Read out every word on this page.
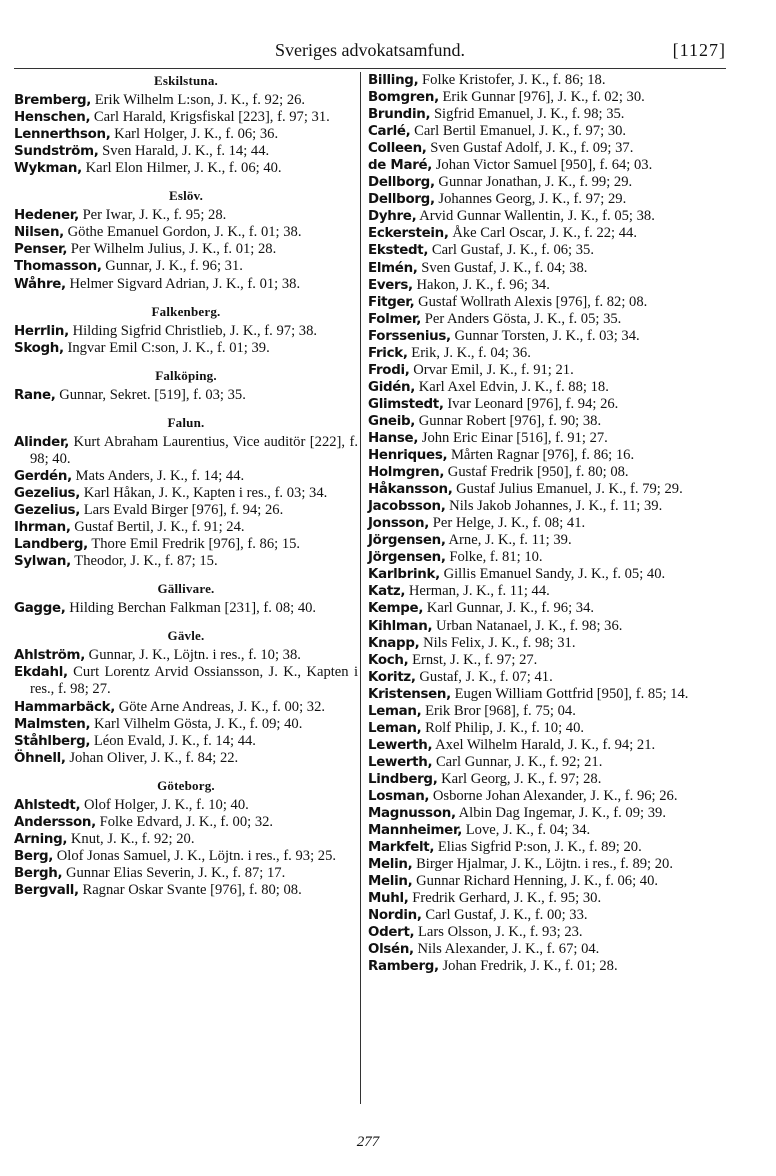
Sveriges advokatsamfund.	[1127]
Eskilstuna.
Bremberg, Erik Wilhelm L:son, J. K., f. 92; 26.
Henschen, Carl Harald, Krigsfiskal [223], f. 97; 31.
Lennerthson, Karl Holger, J. K., f. 06; 36.
Sundström, Sven Harald, J. K., f. 14; 44.
Wykman, Karl Elon Hilmer, J. K., f. 06; 40.
Eslöv.
Hedener, Per Iwar, J. K., f. 95; 28.
Nilsen, Göthe Emanuel Gordon, J. K., f. 01; 38.
Penser, Per Wilhelm Julius, J. K., f. 01; 28.
Thomasson, Gunnar, J. K., f. 96; 31.
Wåhre, Helmer Sigvard Adrian, J. K., f. 01; 38.
Falkenberg.
Herrlin, Hilding Sigfrid Christlieb, J. K., f. 97; 38.
Skogh, Ingvar Emil C:son, J. K., f. 01; 39.
Falköping.
Rane, Gunnar, Sekret. [519], f. 03; 35.
Falun.
Alinder, Kurt Abraham Laurentius, Vice auditör [222], f. 98; 40.
Gerdén, Mats Anders, J. K., f. 14; 44.
Gezelius, Karl Håkan, J. K., Kapten i res., f. 03; 34.
Gezelius, Lars Evald Birger [976], f. 94; 26.
Ihrman, Gustaf Bertil, J. K., f. 91; 24.
Landberg, Thore Emil Fredrik [976], f. 86; 15.
Sylwan, Theodor, J. K., f. 87; 15.
Gällivare.
Gagge, Hilding Berchan Falkman [231], f. 08; 40.
Gävle.
Ahlström, Gunnar, J. K., Löjtn. i res., f. 10; 38.
Ekdahl, Curt Lorentz Arvid Ossiansson, J. K., Kapten i res., f. 98; 27.
Hammarbäck, Göte Arne Andreas, J. K., f. 00; 32.
Malmsten, Karl Vilhelm Gösta, J. K., f. 09; 40.
Ståhlberg, Léon Evald, J. K., f. 14; 44.
Öhnell, Johan Oliver, J. K., f. 84; 22.
Göteborg.
Ahlstedt, Olof Holger, J. K., f. 10; 40.
Andersson, Folke Edvard, J. K., f. 00; 32.
Arning, Knut, J. K., f. 92; 20.
Berg, Olof Jonas Samuel, J. K., Löjtn. i res., f. 93; 25.
Bergh, Gunnar Elias Severin, J. K., f. 87; 17.
Bergvall, Ragnar Oskar Svante [976], f. 80; 08.
Billing, Folke Kristofer, J. K., f. 86; 18.
Bomgren, Erik Gunnar [976], J. K., f. 02; 30.
Brundin, Sigfrid Emanuel, J. K., f. 98; 35.
Carlé, Carl Bertil Emanuel, J. K., f. 97; 30.
Colleen, Sven Gustaf Adolf, J. K., f. 09; 37.
de Maré, Johan Victor Samuel [950], f. 64; 03.
Dellborg, Gunnar Jonathan, J. K., f. 99; 29.
Dellborg, Johannes Georg, J. K., f. 97; 29.
Dyhre, Arvid Gunnar Wallentin, J. K., f. 05; 38.
Eckerstein, Åke Carl Oscar, J. K., f. 22; 44.
Ekstedt, Carl Gustaf, J. K., f. 06; 35.
Elmén, Sven Gustaf, J. K., f. 04; 38.
Evers, Hakon, J. K., f. 96; 34.
Fitger, Gustaf Wollrath Alexis [976], f. 82; 08.
Folmer, Per Anders Gösta, J. K., f. 05; 35.
Forssenius, Gunnar Torsten, J. K., f. 03; 34.
Frick, Erik, J. K., f. 04; 36.
Frodi, Orvar Emil, J. K., f. 91; 21.
Gidén, Karl Axel Edvin, J. K., f. 88; 18.
Glimstedt, Ivar Leonard [976], f. 94; 26.
Gneib, Gunnar Robert [976], f. 90; 38.
Hanse, John Eric Einar [516], f. 91; 27.
Henriques, Mårten Ragnar [976], f. 86; 16.
Holmgren, Gustaf Fredrik [950], f. 80; 08.
Håkansson, Gustaf Julius Emanuel, J. K., f. 79; 29.
Jacobsson, Nils Jakob Johannes, J. K., f. 11; 39.
Jonsson, Per Helge, J. K., f. 08; 41.
Jörgensen, Arne, J. K., f. 11; 39.
Jörgensen, Folke, f. 81; 10.
Karlbrink, Gillis Emanuel Sandy, J. K., f. 05; 40.
Katz, Herman, J. K., f. 11; 44.
Kempe, Karl Gunnar, J. K., f. 96; 34.
Kihlman, Urban Natanael, J. K., f. 98; 36.
Knapp, Nils Felix, J. K., f. 98; 31.
Koch, Ernst, J. K., f. 97; 27.
Koritz, Gustaf, J. K., f. 07; 41.
Kristensen, Eugen William Gottfrid [950], f. 85; 14.
Leman, Erik Bror [968], f. 75; 04.
Leman, Rolf Philip, J. K., f. 10; 40.
Lewerth, Axel Wilhelm Harald, J. K., f. 94; 21.
Lewerth, Carl Gunnar, J. K., f. 92; 21.
Lindberg, Karl Georg, J. K., f. 97; 28.
Losman, Osborne Johan Alexander, J. K., f. 96; 26.
Magnusson, Albin Dag Ingemar, J. K., f. 09; 39.
Mannheimer, Love, J. K., f. 04; 34.
Markfelt, Elias Sigfrid P:son, J. K., f. 89; 20.
Melin, Birger Hjalmar, J. K., Löjtn. i res., f. 89; 20.
Melin, Gunnar Richard Henning, J. K., f. 06; 40.
Muhl, Fredrik Gerhard, J. K., f. 95; 30.
Nordin, Carl Gustaf, J. K., f. 00; 33.
Odert, Lars Olsson, J. K., f. 93; 23.
Olsén, Nils Alexander, J. K., f. 67; 04.
Ramberg, Johan Fredrik, J. K., f. 01; 28.
277
